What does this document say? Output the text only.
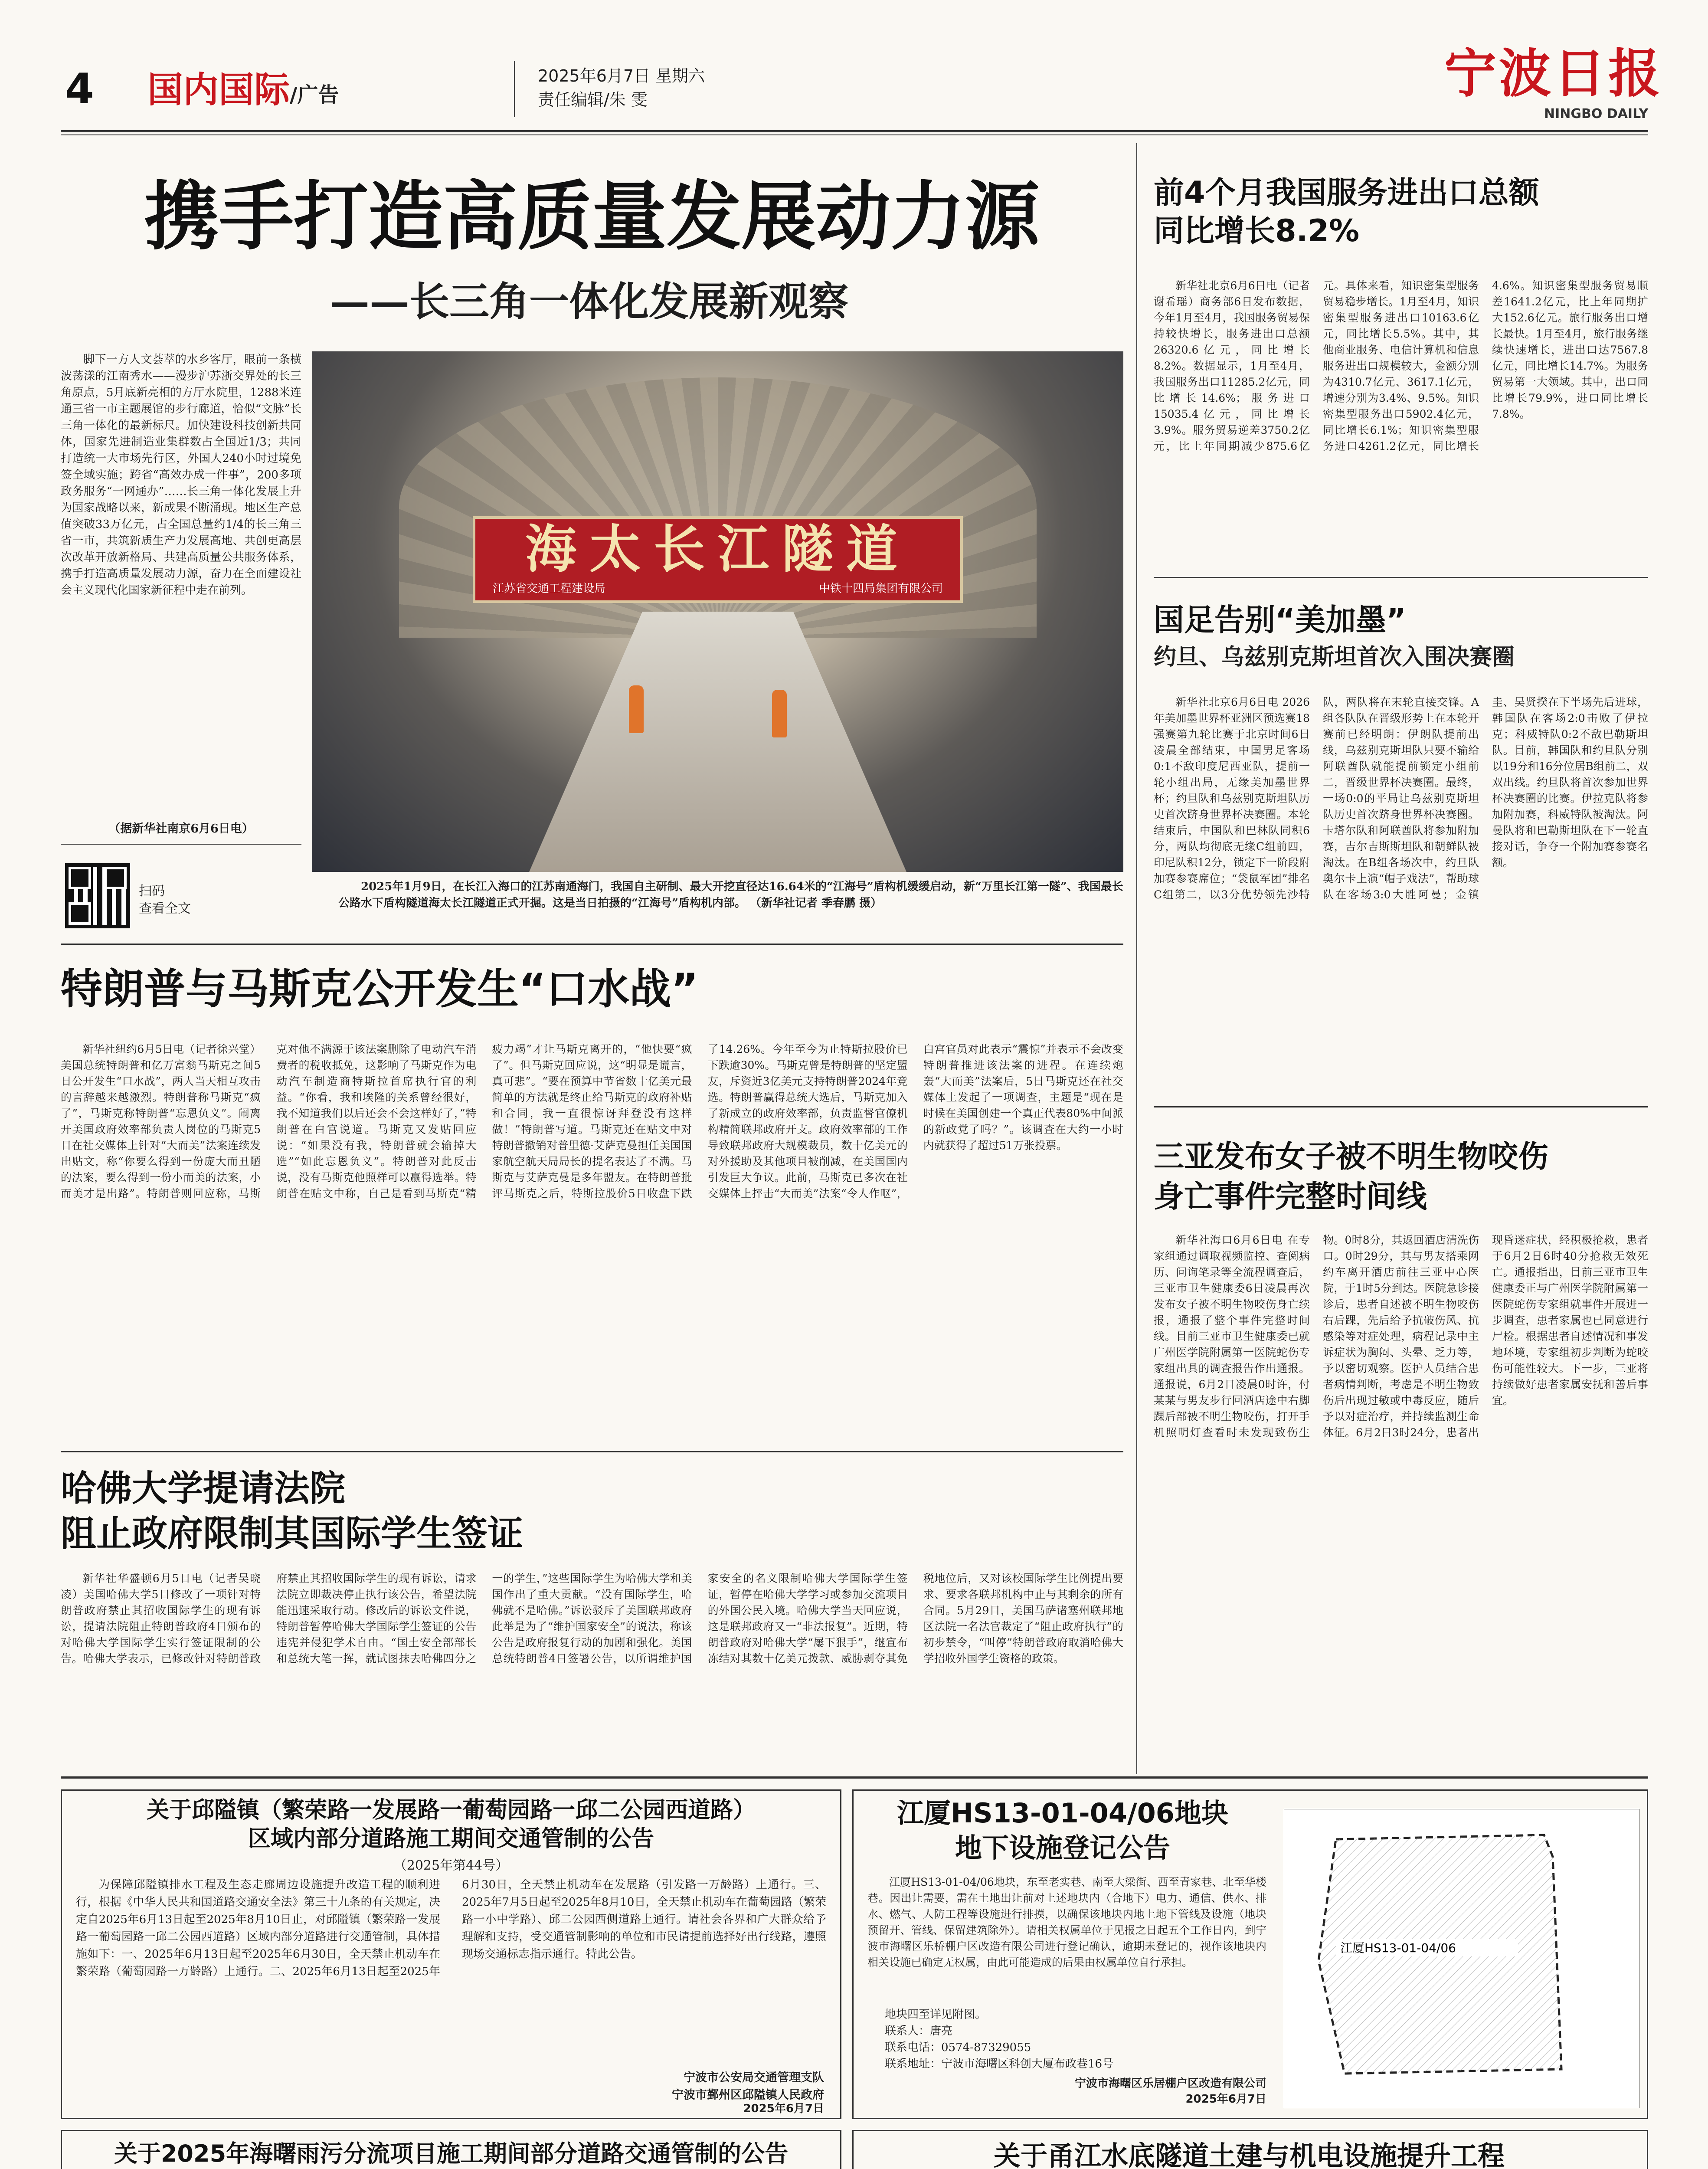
4 国内国际/广告
2025年6月7日 星期六
责任编辑/朱 雯	宁波日报
NINGBO DAILY
携手打造高质量发展动力源
——长三角一体化发展新观察

脚下一方人文荟萃的水乡客厅，眼前一条横波荡漾的江南秀水——漫步沪苏浙交界处的长三角原点，5月底新亮相的方厅水院里，1288米连通三省一市主题展馆的步行廊道，恰似“文脉”长三角一体化的最新标尺。加快建设科技创新共同体，国家先进制造业集群数占全国近1/3；共同打造统一大市场先行区，外国人240小时过境免签全域实施；跨省“高效办成一件事”，200多项政务服务“一网通办”……长三角一体化发展上升为国家战略以来，新成果不断涌现。地区生产总值突破33万亿元，占全国总量约1/4的长三角三省一市，共筑新质生产力发展高地、共创更高层次改革开放新格局、共建高质量公共服务体系，携手打造高质量发展动力源，奋力在全面建设社会主义现代化国家新征程中走在前列。

（据新华社南京6月6日电）
扫码
查看全文
海太长江隧道
江苏省交通工程建设局	中铁十四局集团有限公司
2025年1月9日，在长江入海口的江苏南通海门，我国自主研制、最大开挖直径达16.64米的“江海号”盾构机缓缓启动，新“万里长江第一隧”、我国最长公路水下盾构隧道海太长江隧道正式开掘。这是当日拍摄的“江海号”盾构机内部。 （新华社记者 季春鹏 摄）
前4个月我国服务进出口总额
同比增长8.2%

新华社北京6月6日电（记者谢希瑶）商务部6日发布数据，今年1月至4月，我国服务贸易保持较快增长，服务进出口总额26320.6亿元，同比增长8.2%。数据显示，1月至4月，我国服务出口11285.2亿元，同比增长14.6%；服务进口15035.4亿元，同比增长3.9%。服务贸易逆差3750.2亿元，比上年同期减少875.6亿元。具体来看，知识密集型服务贸易稳步增长。1月至4月，知识密集型服务进出口10163.6亿元，同比增长5.5%。其中，其他商业服务、电信计算机和信息服务进出口规模较大，金额分别为4310.7亿元、3617.1亿元，增速分别为3.4%、9.5%。知识密集型服务出口5902.4亿元，同比增长6.1%；知识密集型服务进口4261.2亿元，同比增长4.6%。知识密集型服务贸易顺差1641.2亿元，比上年同期扩大152.6亿元。旅行服务出口增长最快。1月至4月，旅行服务继续快速增长，进出口达7567.8亿元，同比增长14.7%。为服务贸易第一大领域。其中，出口同比增长79.9%，进口同比增长7.8%。

国足告别“美加墨”
约旦、乌兹别克斯坦首次入围决赛圈

新华社北京6月6日电 2026年美加墨世界杯亚洲区预选赛18强赛第九轮比赛于北京时间6日凌晨全部结束，中国男足客场0:1不敌印度尼西亚队，提前一轮小组出局，无缘美加墨世界杯；约旦队和乌兹别克斯坦队历史首次跻身世界杯决赛圈。本轮结束后，中国队和巴林队同积6分，两队均彻底无缘C组前四，印尼队积12分，锁定下一阶段附加赛参赛席位；“袋鼠军团”排名C组第二，以3分优势领先沙特队，两队将在末轮直接交锋。A组各队队在晋级形势上在本轮开赛前已经明朗：伊朗队提前出线，乌兹别克斯坦队只要不输给阿联酋队就能提前锁定小组前二，晋级世界杯决赛圈。最终，一场0:0的平局让乌兹别克斯坦队历史首次跻身世界杯决赛圈。卡塔尔队和阿联酋队将参加附加赛，吉尔吉斯斯坦队和朝鲜队被淘汰。在B组各场次中，约旦队奥尔卡上演“帽子戏法”，帮助球队在客场3:0大胜阿曼；金镇圭、吴贤揆在下半场先后进球，韩国队在客场2:0击败了伊拉克；科威特队0:2不敌巴勒斯坦队。目前，韩国队和约旦队分别以19分和16分位居B组前二，双双出线。约旦队将首次参加世界杯决赛圈的比赛。伊拉克队将参加附加赛，科威特队被淘汰。阿曼队将和巴勒斯坦队在下一轮直接对话，争夺一个附加赛参赛名额。

三亚发布女子被不明生物咬伤
身亡事件完整时间线

新华社海口6月6日电 在专家组通过调取视频监控、查阅病历、问询笔录等全流程调查后，三亚市卫生健康委6日凌晨再次发布女子被不明生物咬伤身亡续报，通报了整个事件完整时间线。目前三亚市卫生健康委已就广州医学院附属第一医院蛇伤专家组出具的调查报告作出通报。通报说，6月2日凌晨0时许，付某某与男友步行回酒店途中右脚踝后部被不明生物咬伤，打开手机照明灯查看时未发现致伤生物。0时8分，其返回酒店清洗伤口。0时29分，其与男友搭乘网约车离开酒店前往三亚中心医院，于1时5分到达。医院急诊接诊后，患者自述被不明生物咬伤右后踝，先后给予抗破伤风、抗感染等对症处理，病程记录中主诉症状为胸闷、头晕、乏力等，予以密切观察。医护人员结合患者病情判断，考虑是不明生物致伤后出现过敏或中毒反应，随后予以对症治疗，并持续监测生命体征。6月2日3时24分，患者出现昏迷症状，经积极抢救，患者于6月2日6时40分抢救无效死亡。通报指出，目前三亚市卫生健康委正与广州医学院附属第一医院蛇伤专家组就事件开展进一步调查，患者家属也已同意进行尸检。根据患者自述情况和事发地环境，专家组初步判断为蛇咬伤可能性较大。下一步，三亚将持续做好患者家属安抚和善后事宜。

特朗普与马斯克公开发生“口水战”

新华社纽约6月5日电（记者徐兴堂）美国总统特朗普和亿万富翁马斯克之间5日公开发生“口水战”，两人当天相互攻击的言辞越来越激烈。特朗普称马斯克“疯了”，马斯克称特朗普“忘恩负义”。闹离开美国政府效率部负责人岗位的马斯克5日在社交媒体上针对“大而美”法案连续发出贴文，称“你要么得到一份庞大而丑陋的法案，要么得到一份小而美的法案，小而美才是出路”。特朗普则回应称，马斯克对他不满源于该法案删除了电动汽车消费者的税收抵免，这影响了马斯克作为电动汽车制造商特斯拉首席执行官的利益。“你看，我和埃隆的关系曾经很好，我不知道我们以后还会不会这样好了，”特朗普在白宫说道。马斯克又发贴回应说：“如果没有我，特朗普就会输掉大选”“如此忘恩负义”。特朗普对此反击说，没有马斯克他照样可以赢得选举。特朗普在贴文中称，自己是看到马斯克“精疲力竭”才让马斯克离开的，“他快要“疯了”。但马斯克回应说，这“明显是谎言，真可悲”。“要在预算中节省数十亿美元最简单的方法就是终止给马斯克的政府补贴和合同，我一直很惊讶拜登没有这样做！”特朗普写道。马斯克还在贴文中对特朗普撤销对普里德·艾萨克曼担任美国国家航空航天局局长的提名表达了不满。马斯克与艾萨克曼是多年盟友。在特朗普批评马斯克之后，特斯拉股价5日收盘下跌了14.26%。今年至今为止特斯拉股价已下跌逾30%。马斯克曾是特朗普的坚定盟友，斥资近3亿美元支持特朗普2024年竞选。特朗普赢得总统大选后，马斯克加入了新成立的政府效率部，负责监督官僚机构精简联邦政府开支。政府效率部的工作导致联邦政府大规模裁员，数十亿美元的对外援助及其他项目被削减，在美国国内引发巨大争议。此前，马斯克已多次在社交媒体上抨击“大而美”法案“令人作呕”，白宫官员对此表示“震惊”并表示不会改变特朗普推进该法案的进程。在连续炮轰“大而美”法案后，5日马斯克还在社交媒体上发起了一项调查，主题是“现在是时候在美国创建一个真正代表80%中间派的新政党了吗？”。该调查在大约一小时内就获得了超过51万张投票。

哈佛大学提请法院
阻止政府限制其国际学生签证

新华社华盛顿6月5日电（记者吴晓凌）美国哈佛大学5日修改了一项针对特朗普政府禁止其招收国际学生的现有诉讼，提请法院阻止特朗普政府4日颁布的对哈佛大学国际学生实行签证限制的公告。哈佛大学表示，已修改针对特朗普政府禁止其招收国际学生的现有诉讼，请求法院立即裁决停止执行该公告，希望法院能迅速采取行动。修改后的诉讼文件说，特朗普暂停哈佛大学国际学生签证的公告违宪并侵犯学术自由。“国土安全部部长和总统大笔一挥，就试图抹去哈佛四分之一的学生，”这些国际学生为哈佛大学和美国作出了重大贡献。“没有国际学生，哈佛就不是哈佛。”诉讼驳斥了美国联邦政府此举是为了“维护国家安全”的说法，称该公告是政府报复行动的加剧和强化。美国总统特朗普4日签署公告，以所谓维护国家安全的名义限制哈佛大学国际学生签证，暂停在哈佛大学学习或参加交流项目的外国公民入境。哈佛大学当天回应说，这是联邦政府又一“非法报复”。近期，特朗普政府对哈佛大学“屡下狠手”，继宣布冻结对其数十亿美元拨款、威胁剥夺其免税地位后，又对该校国际学生比例提出要求、要求各联邦机构中止与其剩余的所有合同。5月29日，美国马萨诸塞州联邦地区法院一名法官裁定了“阻止政府执行”的初步禁令，“叫停”特朗普政府取消哈佛大学招收外国学生资格的政策。

关于邱隘镇（繁荣路一发展路一葡萄园路一邱二公园西道路）
区域内部分道路施工期间交通管制的公告
（2025年第44号）

为保障邱隘镇排水工程及生态走廊周边设施提升改造工程的顺利进行，根据《中华人民共和国道路交通安全法》第三十九条的有关规定，决定自2025年6月13日起至2025年8月10日止，对邱隘镇（繁荣路一发展路一葡萄园路一邱二公园西道路）区域内部分道路进行交通管制，具体措施如下：一、2025年6月13日起至2025年6月30日，全天禁止机动车在繁荣路（葡萄园路一万龄路）上通行。二、2025年6月13日起至2025年6月30日，全天禁止机动车在发展路（引发路一万龄路）上通行。三、2025年7月5日起至2025年8月10日，全天禁止机动车在葡萄园路（繁荣路一小中学路）、邱二公园西侧道路上通行。请社会各界和广大群众给予理解和支持，受交通管制影响的单位和市民请提前选择好出行线路，遵照现场交通标志指示通行。特此公告。

宁波市公安局交通管理支队
宁波市鄞州区邱隘镇人民政府
2025年6月7日
江厦HS13-01-04/06地块
地下设施登记公告

江厦HS13-01-04/06地块，东至老实巷、南至大梁街、西至青家巷、北至华楼巷。因出让需要，需在土地出让前对上述地块内（合地下）电力、通信、供水、排水、燃气、人防工程等设施进行排摸，以确保该地块内地上地下管线及设施（地块预留开、管线、保留建筑除外）。请相关权属单位于见报之日起五个工作日内，到宁波市海曙区乐桥棚户区改造有限公司进行登记确认，逾期未登记的，视作该地块内相关设施已确定无权属，由此可能造成的后果由权属单位自行承担。

地块四至详见附图。
联系人：唐亮
联系电话：0574-87329055
联系地址：宁波市海曙区科创大厦布政巷16号
宁波市海曙区乐居棚户区改造有限公司
2025年6月7日
江厦HS13-01-04/06
关于2025年海曙雨污分流项目施工期间部分道路交通管制的公告	关于甬江水底隧道土建与机电设施提升工程
